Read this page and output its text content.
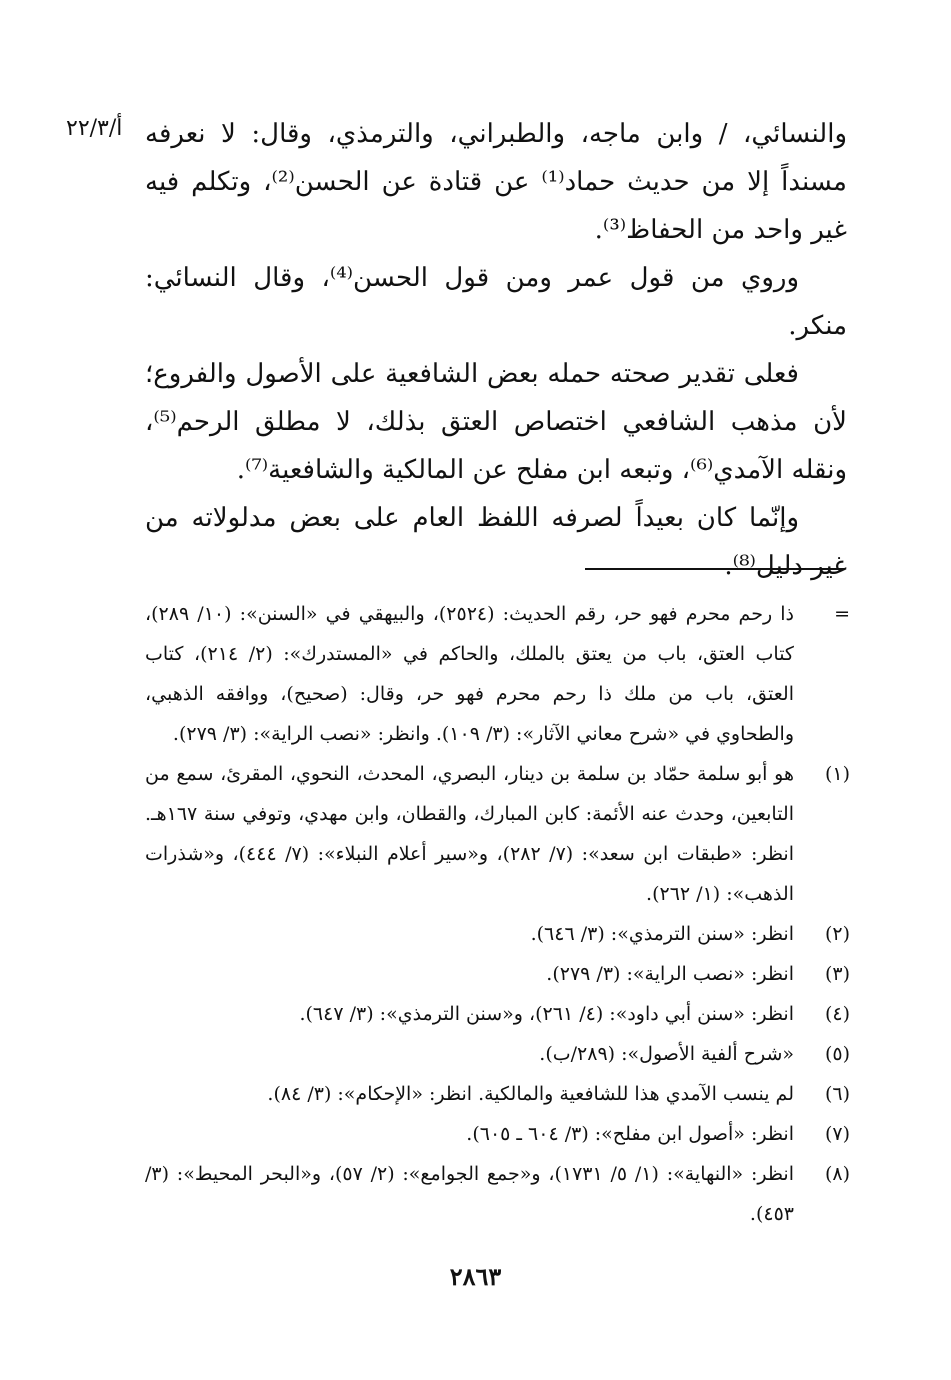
أ/٢٢/٣ والنسائي، / وابن ماجه، والطبراني، والترمذي، وقال: لا نعرفه مسنداً إلا من حديث حماد⁽¹⁾ عن قتادة عن الحسن⁽²⁾، وتكلم فيه غير واحد من الحفاظ⁽³⁾.

وروي من قول عمر ومن قول الحسن⁽⁴⁾، وقال النسائي: منكر.

فعلى تقدير صحته حمله بعض الشافعية على الأصول والفروع؛ لأن مذهب الشافعي اختصاص العتق بذلك، لا مطلق الرحم⁽⁵⁾، ونقله الآمدي⁽⁶⁾، وتبعه ابن مفلح عن المالكية والشافعية⁽⁷⁾.

وإنّما كان بعيداً لصرفه اللفظ العام على بعض مدلولاته من غير دليل⁽⁸⁾.

=
ذا رحم محرم فهو حر، رقم الحديث: (٢٥٢٤)، والبيهقي في «السنن»: (١٠/ ٢٨٩)، كتاب العتق، باب من يعتق بالملك، والحاكم في «المستدرك»: (٢/ ٢١٤)، كتاب العتق، باب من ملك ذا رحم محرم فهو حر، وقال: (صحيح)، ووافقه الذهبي، والطحاوي في «شرح معاني الآثار»: (٣/ ١٠٩). وانظر: «نصب الراية»: (٣/ ٢٧٩).
(١)
هو أبو سلمة حمّاد بن سلمة بن دينار، البصري، المحدث، النحوي، المقرئ، سمع من التابعين، وحدث عنه الأئمة: كابن المبارك، والقطان، وابن مهدي، وتوفي سنة ١٦٧هـ. انظر: «طبقات ابن سعد»: (٧/ ٢٨٢)، و«سير أعلام النبلاء»: (٧/ ٤٤٤)، و«شذرات الذهب»: (١/ ٢٦٢).
(٢)
انظر: «سنن الترمذي»: (٣/ ٦٤٦).
(٣)
انظر: «نصب الراية»: (٣/ ٢٧٩).
(٤)
انظر: «سنن أبي داود»: (٤/ ٢٦١)، و«سنن الترمذي»: (٣/ ٦٤٧).
(٥)
«شرح ألفية الأصول»: (٢٨٩/ب).
(٦)
لم ينسب الآمدي هذا للشافعية والمالكية. انظر: «الإحكام»: (٣/ ٨٤).
(٧)
انظر: «أصول ابن مفلح»: (٣/ ٦٠٤ ـ ٦٠٥).
(٨)
انظر: «النهاية»: (١/ ٥/ ١٧٣١)، و«جمع الجوامع»: (٢/ ٥٧)، و«البحر المحيط»: (٣/ ٤٥٣).
٢٨٦٣
